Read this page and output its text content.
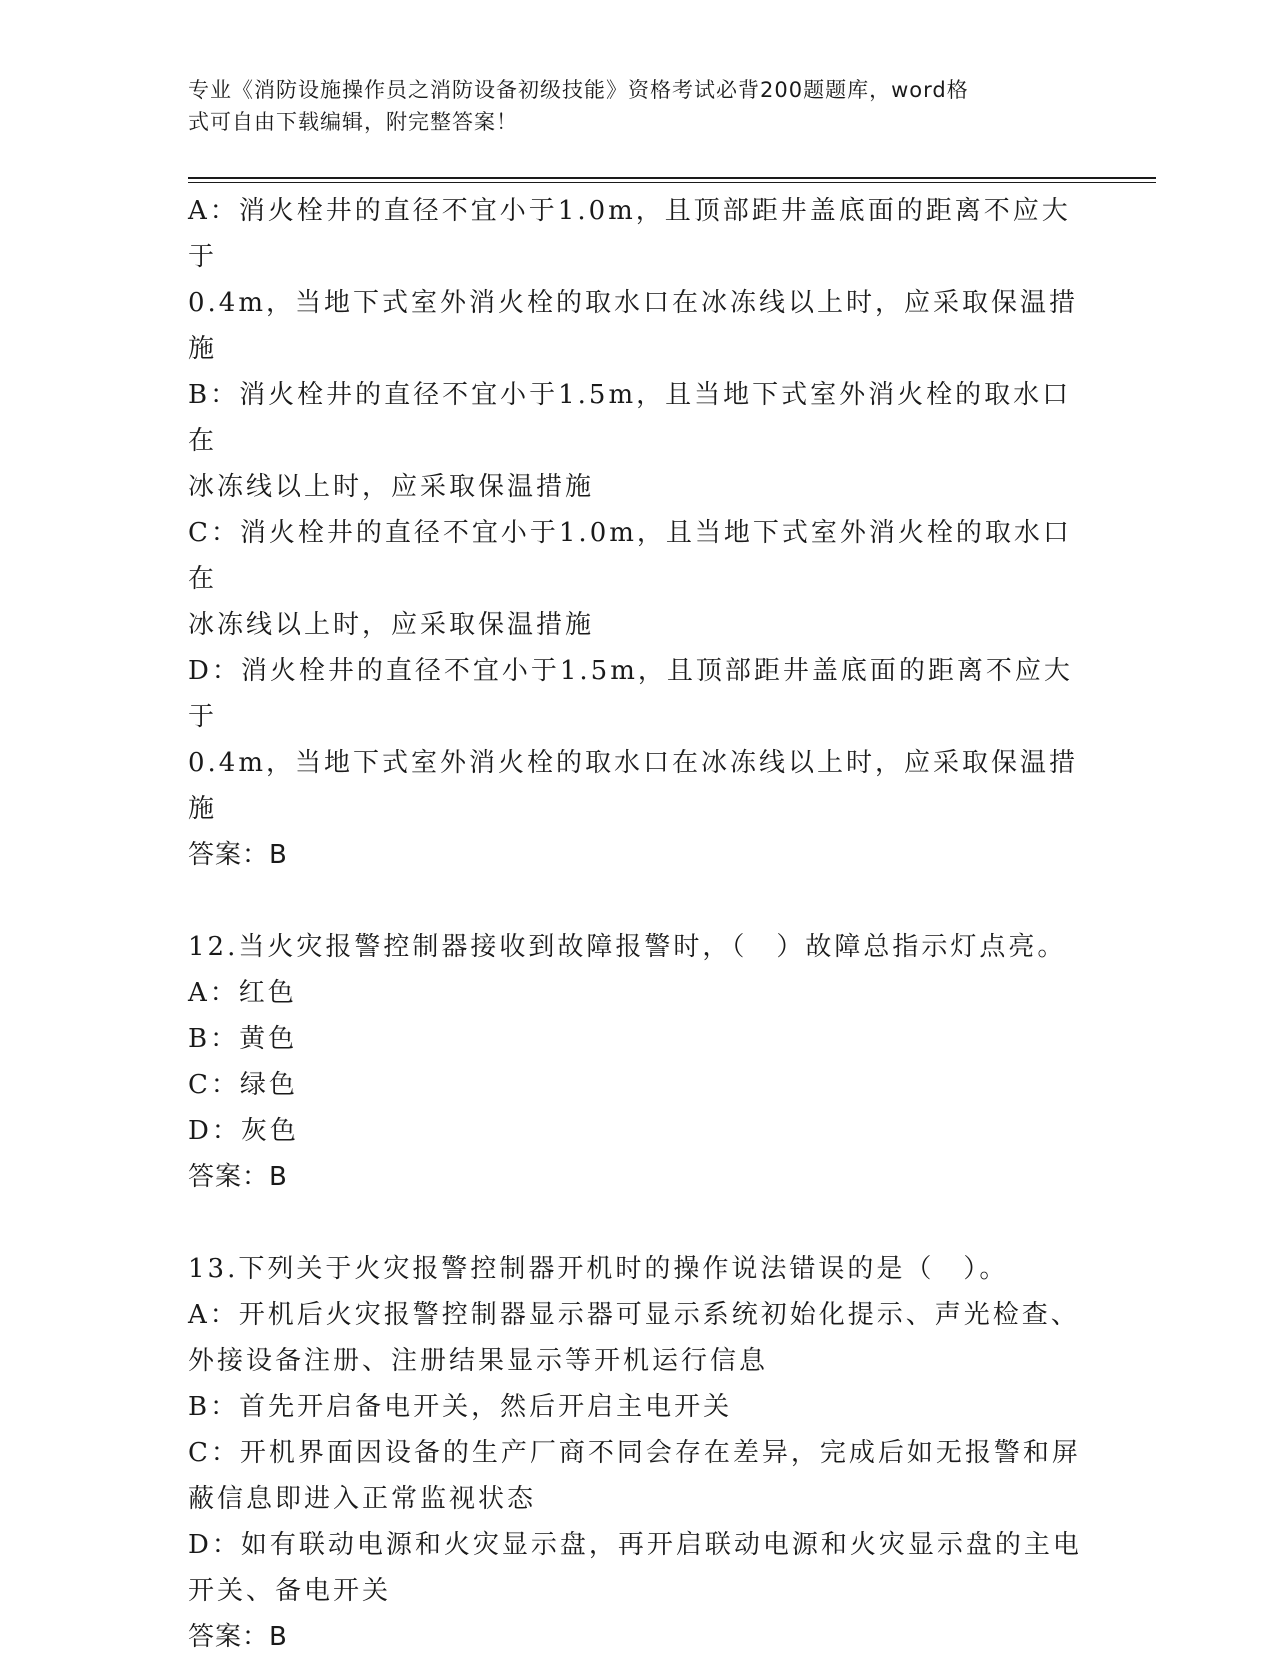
专业《消防设施操作员之消防设备初级技能》资格考试必背200题题库，word格
式可自由下载编辑，附完整答案！
A：消火栓井的直径不宜小于1.0m，且顶部距井盖底面的距离不应大于
0.4m，当地下式室外消火栓的取水口在冰冻线以上时，应采取保温措
施
B：消火栓井的直径不宜小于1.5m，且当地下式室外消火栓的取水口在
冰冻线以上时，应采取保温措施
C：消火栓井的直径不宜小于1.0m，且当地下式室外消火栓的取水口在
冰冻线以上时，应采取保温措施
D：消火栓井的直径不宜小于1.5m，且顶部距井盖底面的距离不应大于
0.4m，当地下式室外消火栓的取水口在冰冻线以上时，应采取保温措
施
答案：B
12.当火灾报警控制器接收到故障报警时，（　）故障总指示灯点亮。
A：红色
B：黄色
C：绿色
D：灰色
答案：B
13.下列关于火灾报警控制器开机时的操作说法错误的是（　）。
A：开机后火灾报警控制器显示器可显示系统初始化提示、声光检查、
外接设备注册、注册结果显示等开机运行信息
B：首先开启备电开关，然后开启主电开关
C：开机界面因设备的生产厂商不同会存在差异，完成后如无报警和屏
蔽信息即进入正常监视状态
D：如有联动电源和火灾显示盘，再开启联动电源和火灾显示盘的主电
开关、备电开关
答案：B
